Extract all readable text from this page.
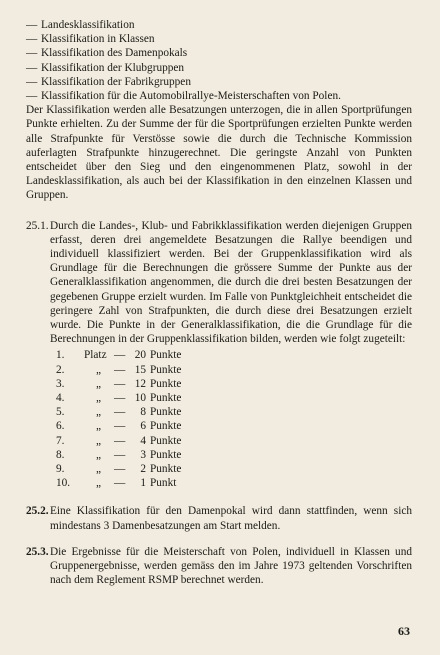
— Landesklassifikation
— Klassifikation in Klassen
— Klassifikation des Damenpokals
— Klassifikation der Klubgruppen
— Klassifikation der Fabrikgruppen
— Klassifikation für die Automobilrallye-Meisterschaften von Polen.

Der Klassifikation werden alle Besatzungen unterzogen, die in allen Sportprüfungen Punkte erhielten. Zu der Summe der für die Sportprüfungen erzielten Punkte werden alle Strafpunkte für Verstösse sowie die durch die Technische Kommission auferlagten Strafpunkte hinzugerechnet. Die geringste Anzahl von Punkten entscheidet über den Sieg und den eingenommenen Platz, sowohl in der Landesklassifikation, als auch bei der Klassifikation in den einzelnen Klassen und Gruppen.

25.1. Durch die Landes-, Klub- und Fabrikklassifikation werden diejenigen Gruppen erfasst, deren drei angemeldete Besatzungen die Rallye beendigen und individuell klassifiziert werden. Bei der Gruppenklassifikation wird als Grundlage für die Berechnungen die grössere Summe der Punkte aus der Generalklassifikation angenommen, die durch die drei besten Besatzungen der gegebenen Gruppe erzielt wurden. Im Falle von Punktgleichheit entscheidet die geringere Zahl von Strafpunkten, die durch diese drei Besatzungen erzielt wurde. Die Punkte in der Generalklassifikation, die die Grundlage für die Berechnungen in der Gruppenklassifikation bilden, werden wie folgt zugeteilt:
1.	Platz — 20 Punkte
2.	„	— 15 Punkte
3.	„	— 12 Punkte
4.	„	— 10 Punkte
5.	„	—	8 Punkte
6.	„	—	6 Punkte
7.	„	—	4 Punkte
8.	„	—	3 Punkte
9.	„	—	2 Punkte
10.	„	—	1 Punkt
25.2. Eine Klassifikation für den Damenpokal wird dann stattfinden, wenn sich mindestans 3 Damenbesatzungen am Start melden.
25.3. Die Ergebnisse für die Meisterschaft von Polen, individuell in Klassen und Gruppenergebnisse, werden gemäss den im Jahre 1973 geltenden Vorschriften nach dem Reglement RSMP berechnet werden.
63
